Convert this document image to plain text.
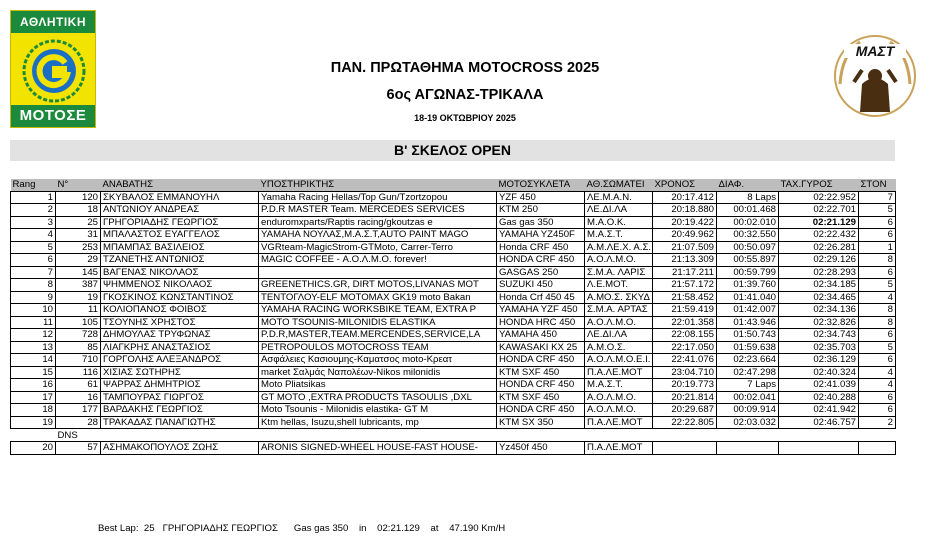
ΑΘΛΗΤΙΚΗ
ΜΟΤΟΣΕ
МАΣТ
ΠΑΝ. ΠΡΩΤΑΘΗΜΑ MOTOCROSS 2025
6ος ΑΓΩΝΑΣ-ΤΡΙΚΑΛΑ
18-19 ΟΚΤΩΒΡΙΟΥ 2025
Β' ΣΚΕΛΟΣ OPEN
Rang	N°	ΑΝΑΒΑΤΗΣ	ΥΠΟΣΤΗΡΙΚΤΗΣ	ΜΟΤΟΣΥΚΛΕΤΑ	ΑΘ.ΣΩΜΑΤΕΙ	ΧΡΟΝΟΣ	ΔΙΑΦ.	ΤΑΧ.ΓΥΡΟΣ	ΣΤΟΝ
1	120	ΣΚΥΒΑΛΟΣ ΕΜΜΑΝΟΥΗΛ	Yamaha Racing Hellas/Top Gun/Tzortzopou	YZF 450	ΛΕ.Μ.Α.Ν.	20:17.412	8 Laps	02:22.952	7
2	18	ΑΝΤΩΝΙΟΥ ΑΝΔΡΕΑΣ	P.D.R MASTER Team. MERCEDES SERVICES	KTM 250	ΛΕ.ΔΙ.ΛΑ	20:18.880	00:01.468	02:22.701	5
3	25	ΓΡΗΓΟΡΙΑΔΗΣ ΓΕΩΡΓΙΟΣ	enduromxparts/Raptis racing/gkoutzas e	Gas gas 350	Μ.Α.Ο.Κ.	20:19.422	00:02.010	02:21.129	6
4	31	ΜΠΑΛΑΣΤΟΣ ΕΥΑΓΓΕΛΟΣ	YAMAHA ΝΟΥΛΑΣ,Μ.Α.Σ.Τ,AUTO PAINT MAGO	YAMAHA YZ450F	Μ.Α.Σ.Τ.	20:49.962	00:32.550	02:22.432	6
5	253	ΜΠΑΜΠΑΣ ΒΑΣΙΛΕΙΟΣ	VGRteam-MagicStrom-GTMoto, Carrer-Terro	Honda CRF 450	Α.Μ.ΛΕ.Χ. Α.Σ.	21:07.509	00:50.097	02:26.281	1
6	29	ΤΖΑΝΕΤΗΣ ΑΝΤΩΝΙΟΣ	MAGIC COFFEE - Α.Ο.Λ.Μ.Ο. forever!	HONDA CRF 450	Α.Ο.Λ.Μ.Ο.	21:13.309	00:55.897	02:29.126	8
7	145	ΒΑΓΕΝΑΣ ΝΙΚΟΛΑΟΣ		GASGAS 250	Σ.Μ.Α. ΛΑΡΙΣ	21:17.211	00:59.799	02:28.293	6
8	387	ΨΗΜΜΕΝΟΣ ΝΙΚΟΛΑΟΣ	GREENETHICS.GR, DIRT MOTOS,LIVANAS MOT	SUZUKI 450	Λ.Ε.ΜΟΤ.	21:57.172	01:39.760	02:34.185	5
9	19	ΓΚΟΣΚΙΝΟΣ ΚΩΝΣΤΑΝΤΙΝΟΣ	ΤΕΝΤΟΓΛΟΥ-ELF MOTOMAX GK19 moto Bakan	Honda Crf 450 45	Α.ΜΟ.Σ. ΣΚΥΔ	21:58.452	01:41.040	02:34.465	4
10	11	ΚΟΛΙΟΠΑΝΟΣ ΦΟΙΒΟΣ	YAMAHA RACING WORKSBIKE TEAM, EXTRA P	YAMAHA YZF 450	Σ.Μ.Α. ΑΡΤΑΣ	21:59.419	01:42.007	02:34.136	8
11	105	ΤΣΟΥΝΗΣ ΧΡΗΣΤΟΣ	MOTO TSOUNIS-MILONIDIS ELASTIKA	HONDA HRC 450	Α.Ο.Λ.Μ.Ο.	22:01.358	01:43.946	02:32.826	8
12	728	ΔΗΜΟΥΛΑΣ ΤΡΥΦΩΝΑΣ	P.D.R,MASTER,TEAM.MERCENDES,SERVICE,LA	YAMAHA 450	ΛΕ.ΔΙ.ΛΑ	22:08.155	01:50.743	02:34.743	6
13	85	ΛΙΑΓΚΡΗΣ ΑΝΑΣΤΑΣΙΟΣ	PETROPOULOS MOTOCROSS TEAM	KAWASAKI KX 25	Α.Μ.Ο.Σ.	22:17.050	01:59.638	02:35.703	5
14	710	ΓΟΡΓΟΛΗΣ ΑΛΕΞΑΝΔΡΟΣ	Ασφάλειες Κασιουμης-Καματσος moto-Κρεατ	HONDA CRF 450	Α.Ο.Λ.Μ.Ο.Ε.Ι.	22:41.076	02:23.664	02:36.129	6
15	116	ΧΙΣΙΑΣ ΣΩΤΗΡΗΣ	market Σαλμάς Ναπολέων-Nikos milonidis	KTM SXF 450	Π.Α.ΛΕ.ΜΟΤ	23:04.710	02:47.298	02:40.324	4
16	61	ΨΑΡΡΑΣ ΔΗΜΗΤΡΙΟΣ	Moto Pliatsikas	HONDA CRF 450	Μ.Α.Σ.Τ.	20:19.773	7 Laps	02:41.039	4
17	16	ΤΑΜΠΟΥΡΑΣ ΓΙΩΡΓΟΣ	GT MOTO ,EXTRA PRODUCTS TASOULIS ,DXL	KTM SXF 450	Α.Ο.Λ.Μ.Ο.	20:21.814	00:02.041	02:40.288	6
18	177	ΒΑΡΔΑΚΗΣ ΓΕΩΡΓΙΟΣ	Moto Tsounis - Milonidis elastika- GT M	HONDA CRF 450	Α.Ο.Λ.Μ.Ο.	20:29.687	00:09.914	02:41.942	6
19	28	ΤΡΑΚΑΔΑΣ ΠΑΝΑΓΙΩΤΗΣ	Ktm hellas, Isuzu,shell lubricants, mp	KTM SX 350	Π.Α.ΛΕ.ΜΟΤ	22:22.805	02:03.032	02:46.757	2
	DNS								
20	57	ΑΣΗΜΑΚΟΠΟΥΛΟΣ ΖΩΗΣ	ARONIS SIGNED-WHEEL HOUSE-FAST HOUSE-	Yz450f 450	Π.Α.ΛΕ.ΜΟΤ				
Best Lap: 25 ΓΡΗΓΟΡΙΑΔΗΣ ΓΕΩΡΓΙΟΣ Gas gas 350 in 02:21.129 at 47.190 Km/H
